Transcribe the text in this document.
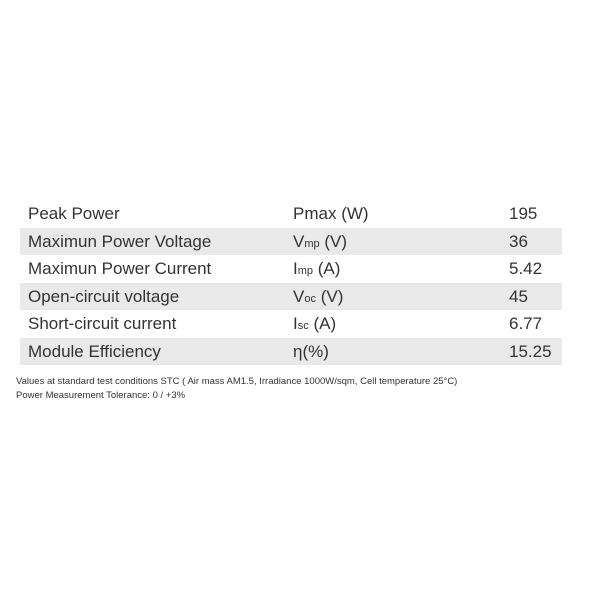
Peak Power	Pmax (W)	195
Maximun Power Voltage	Vmp (V)	36
Maximun Power Current	Imp (A)	5.42
Open-circuit voltage	Voc (V)	45
Short-circuit current	Isc (A)	6.77
Module Efficiency	η(%)	15.25
Values at standard test conditions STC ( Air mass AM1.5, Irradiance 1000W/sqm, Cell temperature 25°C)
Power Measurement Tolerance: 0 / +3%
